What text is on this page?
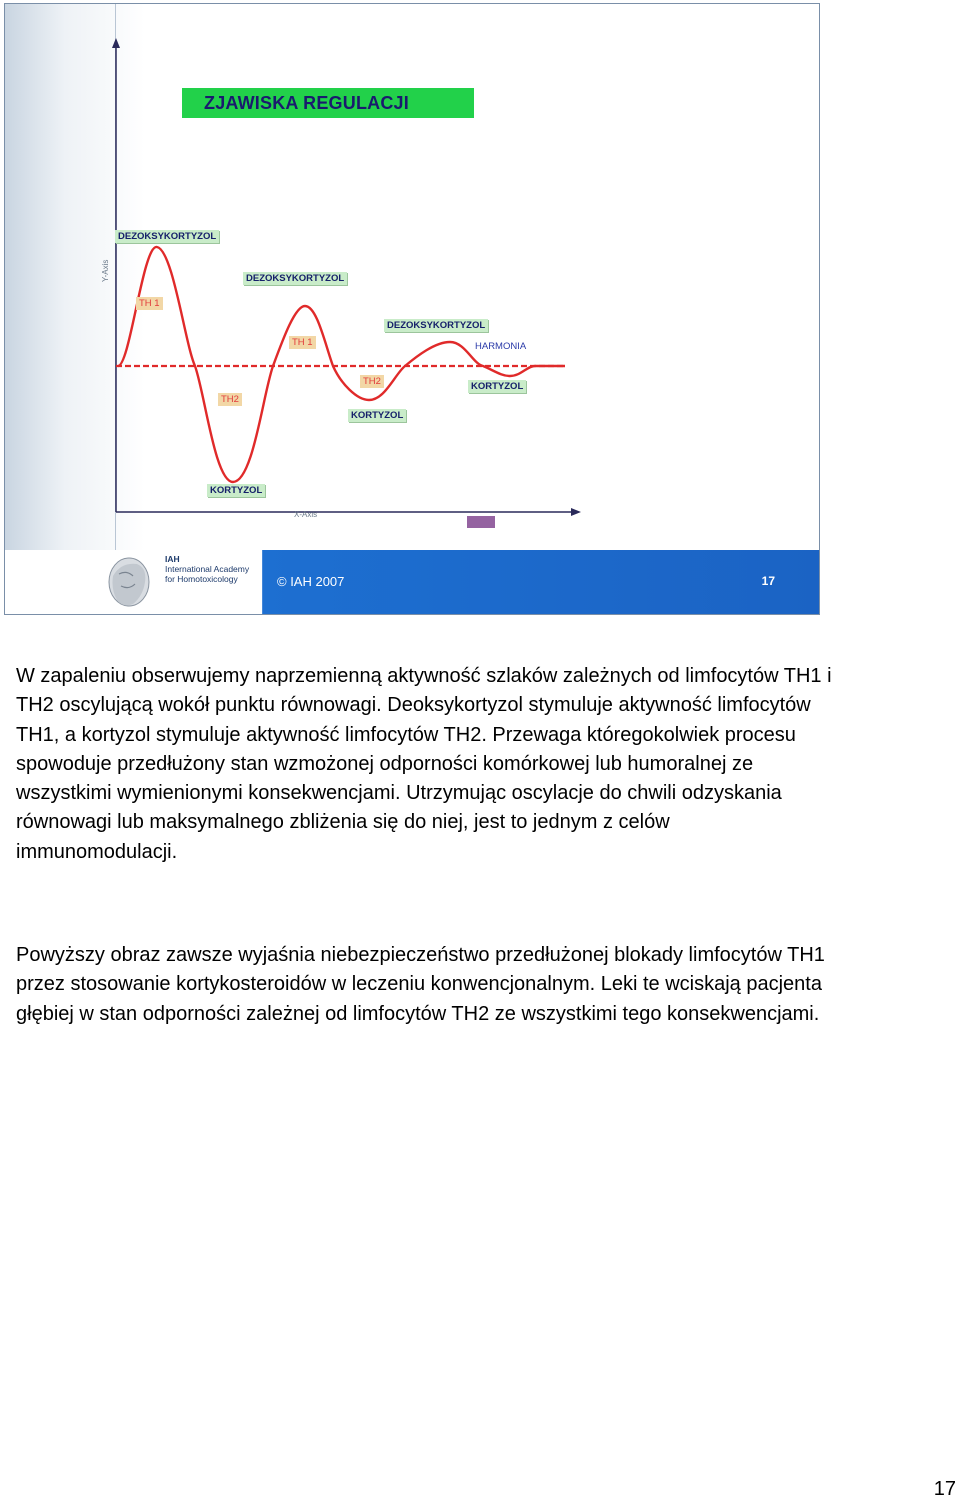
ZJAWISKA REGULACJI
Y-Axis
X-Axis
DEZOKSYKORTYZOL
DEZOKSYKORTYZOL
DEZOKSYKORTYZOL
TH 1
TH 1
TH2
TH2
KORTYZOL
KORTYZOL
KORTYZOL
HARMONIA
IAH
International Academy
for Homotoxicology	© IAH 2007	17

W zapaleniu obserwujemy naprzemienną aktywność szlaków zależnych od limfocytów TH1 i TH2 oscylującą wokół punktu równowagi. Deoksykortyzol stymuluje aktywność limfocytów TH1, a kortyzol stymuluje aktywność limfocytów TH2. Przewaga któregokolwiek procesu spowoduje przedłużony stan wzmożonej odporności komórkowej lub humoralnej ze wszystkimi wymienionymi konsekwencjami. Utrzymując oscylacje do chwili odzyskania równowagi lub maksymalnego zbliżenia się do niej, jest to jednym z celów immunomodulacji.

Powyższy obraz zawsze wyjaśnia niebezpieczeństwo przedłużonej blokady limfocytów TH1 przez stosowanie kortykosteroidów w leczeniu konwencjonalnym. Leki te wciskają pacjenta głębiej w stan odporności zależnej od limfocytów TH2 ze wszystkimi tego konsekwencjami.

17
